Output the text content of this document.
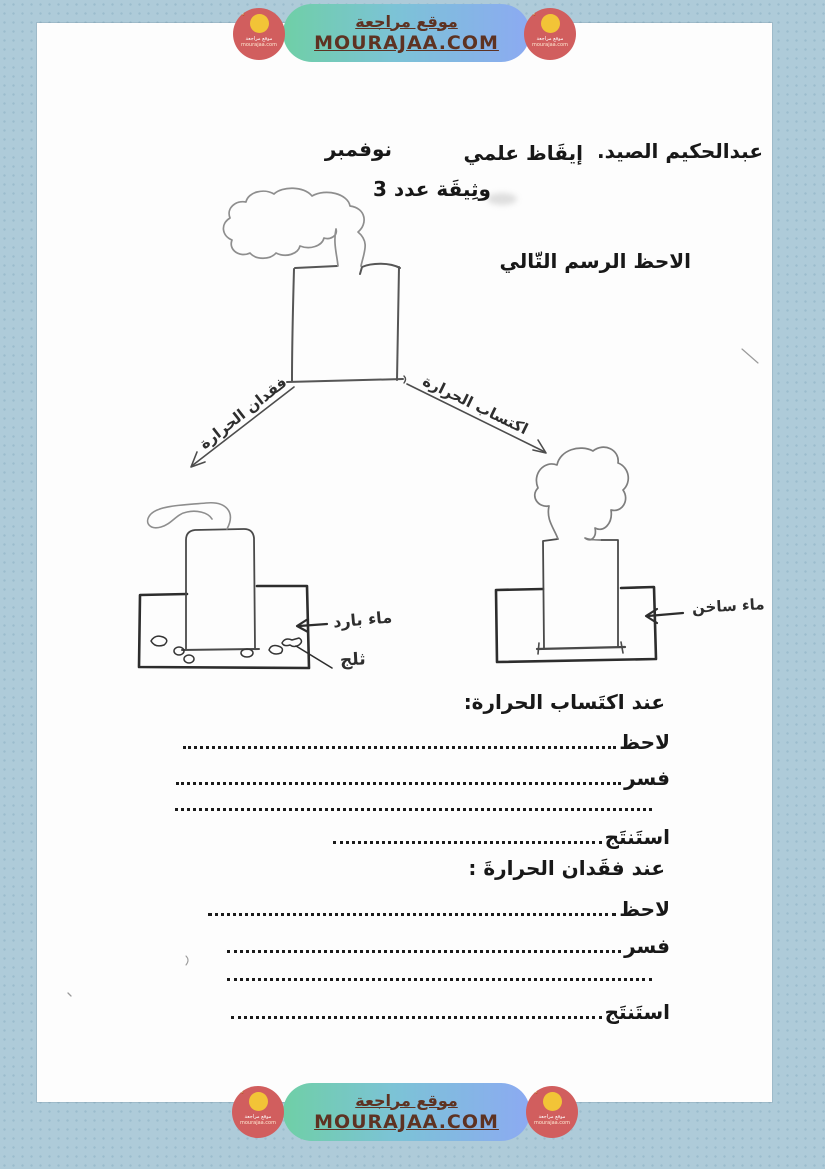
عبدالحكيم الصيد.
إيقَاظ علمي
نوفمبر
وثِيقَة عدد 3
الاحظ الرسم التّالي
فقدان الحرارة	اكتساب الحرارة
ماء بارد
ثلج
ماء ساخن
عند اكتَساب الحرارة:
لاحظ
فسر
استَنتَج
عند فقَدان الحرارةَ :
لاحظ
فسر
استَنتَج
موقع مراجعة
MOURAJAA.COM
موقع مراجعة
mourajaa.com
موقع مراجعة
mourajaa.com
موقع مراجعة
MOURAJAA.COM
موقع مراجعة
mourajaa.com
موقع مراجعة
mourajaa.com
